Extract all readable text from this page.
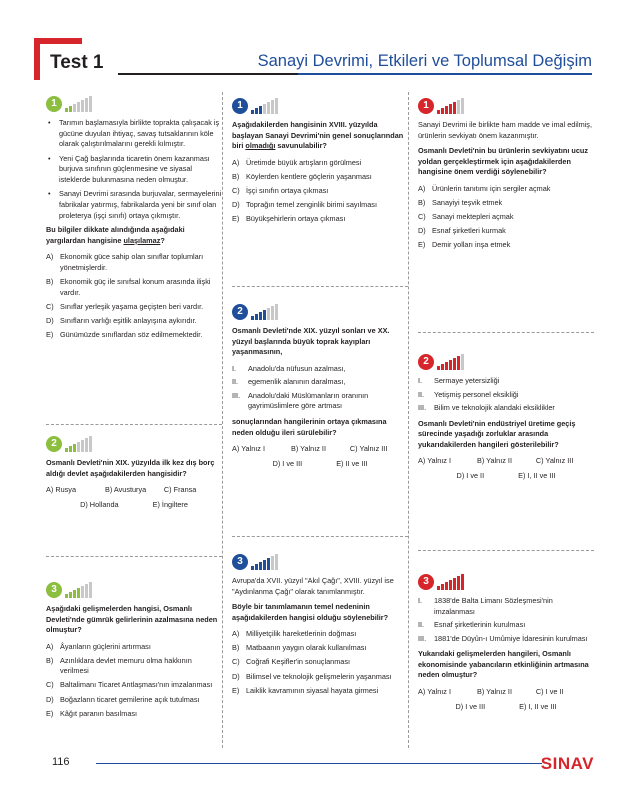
Test 1	Sanayi Devrimi, Etkileri ve Toplumsal Değişim
1
• Tarımın başlamasıyla birlikte toprakta çalışacak iş gücüne duyulan ihtiyaç, savaş tutsaklarının köle olarak çalıştırılmalarını gerekli kılmıştır.
• Yeni Çağ başlarında ticaretin önem kazanması burjuva sınıfının güçlenmesine ve siyasal isteklerde bulunmasına neden olmuştur.
• Sanayi Devrimi sırasında burjuvalar, sermayelerini fabrikalar yatırmış, fabrikalarda yeni bir sınıf olan proleterya (işçi sınıfı) ortaya çıkmıştır.
Bu bilgiler dikkate alındığında aşağıdaki yargılardan hangisine ulaşılamaz?
A) Ekonomik güce sahip olan sınıflar toplumları yönetmişlerdir.
B) Ekonomik güç ile sınıfsal konum arasında ilişki vardır.
C) Sınıflar yerleşik yaşama geçişten beri vardır.
D) Sınıfların varlığı eşitlik anlayışına aykırıdır.
E) Günümüzde sınıflardan söz edilmemektedir.
2
Osmanlı Devleti'nin XIX. yüzyılda ilk kez dış borç aldığı devlet aşağıdakilerden hangisidir?
A) Rusya	B) Avusturya	C) Fransa
D) Hollanda	E) İngiltere
3
Aşağıdaki gelişmelerden hangisi, Osmanlı Devleti'nde gümrük gelirlerinin azalmasına neden olmuştur?
A) Âyanların güçlerini artırması
B) Azınlıklara devlet memuru olma hakkının verilmesi
C) Baltalimanı Ticaret Antlaşması'nın imzalanması
D) Boğazların ticaret gemilerine açık tutulması
E) Kâğıt paranın basılması
1
Aşağıdakilerden hangisinin XVIII. yüzyılda başlayan Sanayi Devrimi'nin genel sonuçlarından biri olmadığı savunulabilir?
A) Üretimde büyük artışların görülmesi
B) Köylerden kentlere göçlerin yaşanması
C) İşçi sınıfın ortaya çıkması
D) Toprağın temel zenginlik birimi sayılması
E) Büyükşehirlerin ortaya çıkması
2
Osmanlı Devleti'nde XIX. yüzyıl sonları ve XX. yüzyıl başlarında büyük toprak kayıpları yaşanmasının,
I. Anadolu'da nüfusun azalması,
II. egemenlik alanının daralması,
III. Anadolu'daki Müslümanların oranının gayrimüslimlere göre artması
sonuçlarından hangilerinin ortaya çıkmasına neden olduğu ileri sürülebilir?
A) Yalnız I	B) Yalnız II	C) Yalnız III
D) I ve III	E) II ve III
3
Avrupa'da XVII. yüzyıl "Akıl Çağı", XVIII. yüzyıl ise "Aydınlanma Çağı" olarak tanımlanmıştır.
Böyle bir tanımlamanın temel nedeninin aşağıdakilerden hangisi olduğu söylenebilir?
A) Milliyetçilik hareketlerinin doğması
B) Matbaanın yaygın olarak kullanılması
C) Coğrafi Keşifler'in sonuçlanması
D) Bilimsel ve teknolojik gelişmelerin yaşanması
E) Laiklik kavramının siyasal hayata girmesi
1
Sanayi Devrimi ile birlikte ham madde ve imal edilmiş, ürünlerin sevkiyatı önem kazanmıştır.
Osmanlı Devleti'nin bu ürünlerin sevkiyatını ucuz yoldan gerçekleştirmek için aşağıdakilerden hangisine önem verdiği söylenebilir?
A) Ürünlerin tanıtımı için sergiler açmak
B) Sanayiyi teşvik etmek
C) Sanayi mektepleri açmak
D) Esnaf şirketleri kurmak
E) Demir yolları inşa etmek
2
I. Sermaye yetersizliği
II. Yetişmiş personel eksikliği
III. Bilim ve teknolojik alandaki eksiklikler
Osmanlı Devleti'nin endüstriyel üretime geçiş sürecinde yaşadığı zorluklar arasında yukarıdakilerden hangileri gösterilebilir?
A) Yalnız I	B) Yalnız II	C) Yalnız III
D) I ve II	E) I, II ve III
3
I. 1838'de Balta Limanı Sözleşmesi'nin imzalanması
II. Esnaf şirketlerinin kurulması
III. 1881'de Düyûn-ı Umûmiye İdaresinin kurulması
Yukarıdaki gelişmelerden hangileri, Osmanlı ekonomisinde yabancıların etkinliğinin artmasına neden olmuştur?
A) Yalnız I	B) Yalnız II	C) I ve II
D) I ve III	E) I, II ve III
116	SINAV
